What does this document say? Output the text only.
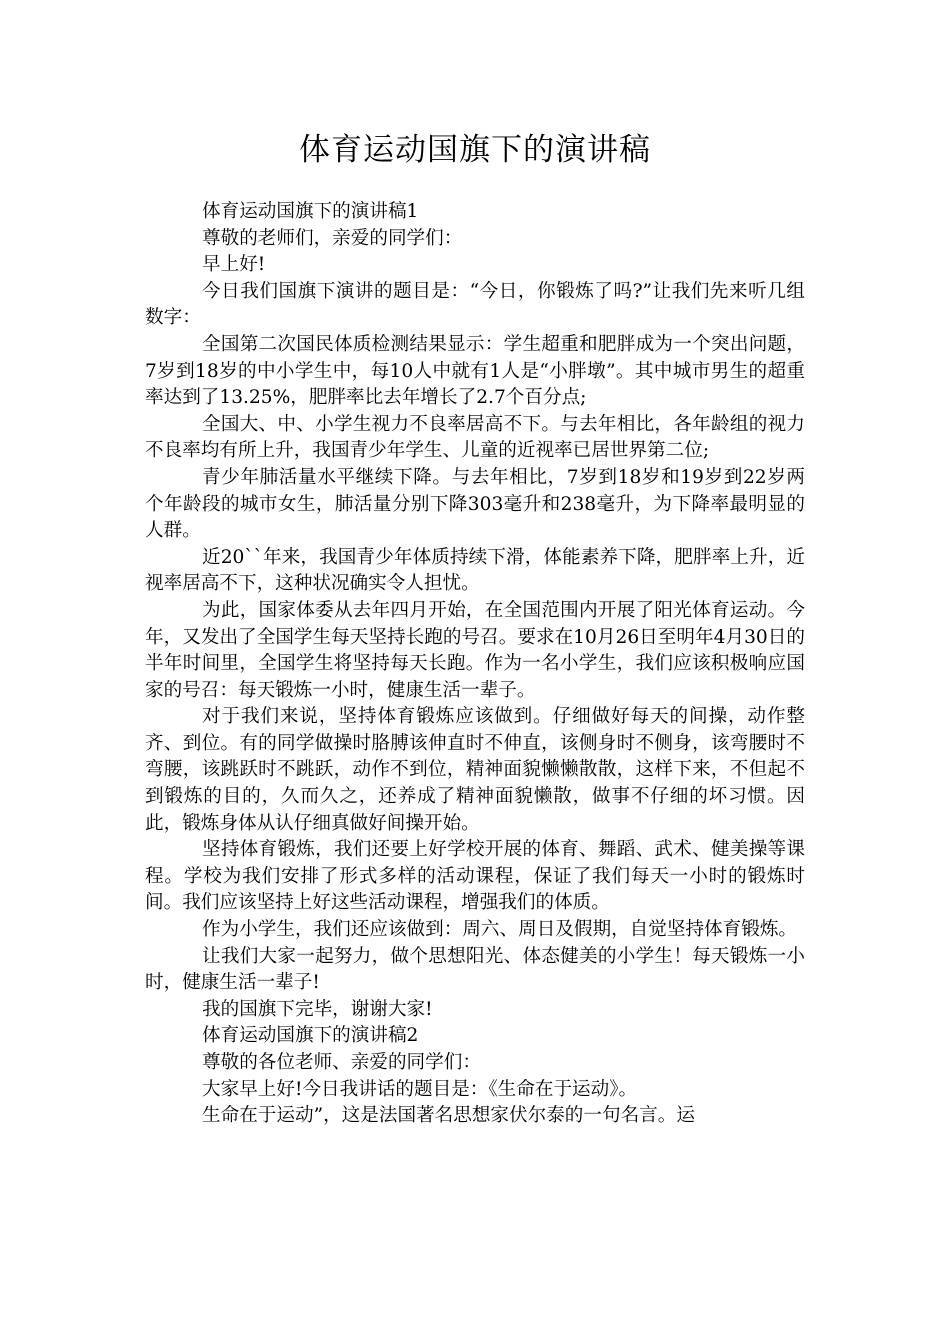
体育运动国旗下的演讲稿

体育运动国旗下的演讲稿1

尊敬的老师们，亲爱的同学们：

早上好!

今日我们国旗下演讲的题目是：“今日，你锻炼了吗?”让我们先来听几组数字：

全国第二次国民体质检测结果显示：学生超重和肥胖成为一个突出问题，7岁到18岁的中小学生中，每10人中就有1人是“小胖墩”。其中城市男生的超重率达到了13.25%，肥胖率比去年增长了2.7个百分点;

全国大、中、小学生视力不良率居高不下。与去年相比，各年龄组的视力不良率均有所上升，我国青少年学生、儿童的近视率已居世界第二位;

青少年肺活量水平继续下降。与去年相比，7岁到18岁和19岁到22岁两个年龄段的城市女生，肺活量分别下降303毫升和238毫升，为下降率最明显的人群。

近20``年来，我国青少年体质持续下滑，体能素养下降，肥胖率上升，近视率居高不下，这种状况确实令人担忧。

为此，国家体委从去年四月开始，在全国范围内开展了阳光体育运动。今年，又发出了全国学生每天坚持长跑的号召。要求在10月26日至明年4月30日的半年时间里，全国学生将坚持每天长跑。作为一名小学生，我们应该积极响应国家的号召：每天锻炼一小时，健康生活一辈子。

对于我们来说，坚持体育锻炼应该做到。仔细做好每天的间操，动作整齐、到位。有的同学做操时胳膊该伸直时不伸直，该侧身时不侧身，该弯腰时不弯腰，该跳跃时不跳跃，动作不到位，精神面貌懒懒散散，这样下来，不但起不到锻炼的目的，久而久之，还养成了精神面貌懒散，做事不仔细的坏习惯。因此，锻炼身体从认仔细真做好间操开始。

坚持体育锻炼，我们还要上好学校开展的体育、舞蹈、武术、健美操等课程。学校为我们安排了形式多样的活动课程，保证了我们每天一小时的锻炼时间。我们应该坚持上好这些活动课程，增强我们的体质。

作为小学生，我们还应该做到：周六、周日及假期，自觉坚持体育锻炼。

让我们大家一起努力，做个思想阳光、体态健美的小学生！每天锻炼一小时，健康生活一辈子!

我的国旗下完毕，谢谢大家!

体育运动国旗下的演讲稿2

尊敬的各位老师、亲爱的同学们：

大家早上好!今日我讲话的题目是：《生命在于运动》。

生命在于运动”，这是法国著名思想家伏尔泰的一句名言。运
